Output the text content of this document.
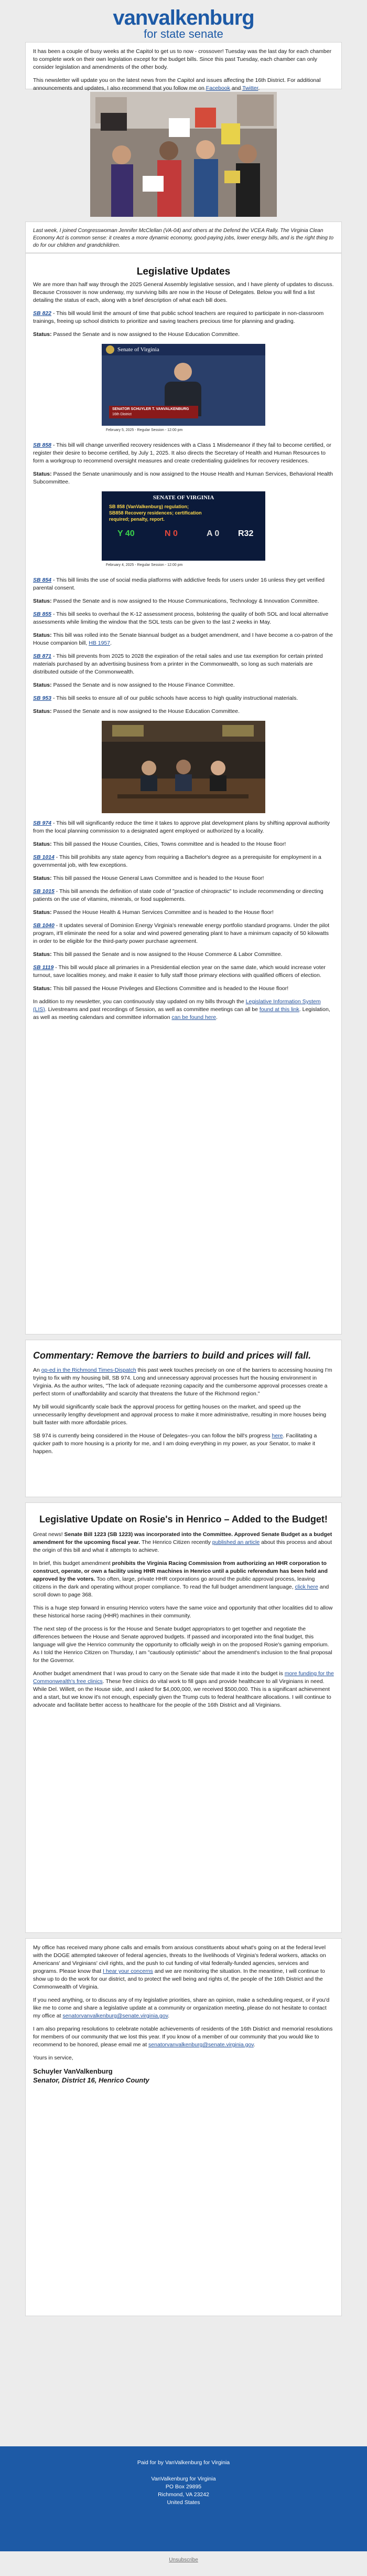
vanvalkenburg
for state senate

It has been a couple of busy weeks at the Capitol to get us to now - crossover! Tuesday was the last day for each chamber to complete work on their own legislation except for the budget bills. Since this past Tuesday, each chamber can only consider legislation and amendments of the other body.

This newsletter will update you on the latest news from the Capitol and issues affecting the 16th District. For additional announcements and updates, I also recommend that you follow me on Facebook and Twitter.

Last week, I joined Congresswoman Jennifer McClellan (VA-04) and others at the Defend the VCEA Rally. The Virginia Clean Economy Act is common sense: it creates a more dynamic economy, good-paying jobs, lower energy bills, and is the right thing to do for our children and grandchildren.
Legislative Updates

We are more than half way through the 2025 General Assembly legislative session, and I have plenty of updates to discuss. Because Crossover is now underway, my surviving bills are now in the House of Delegates. Below you will find a list detailing the status of each, along with a brief description of what each bill does.

SB 822 - This bill would limit the amount of time that public school teachers are required to participate in non-classroom trainings, freeing up school districts to prioritize and saving teachers precious time for planning and grading.

Status: Passed the Senate and is now assigned to the House Education Committee.

Senate of Virginia
SENATOR SCHUYLER T. VANVALKENBURG
16th District
February 5, 2025 - Regular Session - 12:00 pm

SB 858 - This bill will change unverified recovery residences with a Class 1 Misdemeanor if they fail to become certified, or register their desire to become certified, by July 1, 2025. It also directs the Secretary of Health and Human Resources to form a workgroup to recommend oversight measures and create credentialing guidelines for recovery residences.

Status: Passed the Senate unanimously and is now assigned to the House Health and Human Services, Behavioral Health Subcommittee.

SENATE OF VIRGINIA
SB 858 (VanValkenburg) regulation;
SB858 Recovery residences; certification
required; penalty, report.
Y 40	N 0	A 0 R32
February 4, 2025 - Regular Session - 12:00 pm

SB 854 - This bill limits the use of social media platforms with addictive feeds for users under 16 unless they get verified parental consent.

Status: Passed the Senate and is now assigned to the House Communications, Technology & Innovation Committee.

SB 855 - This bill seeks to overhaul the K-12 assessment process, bolstering the quality of both SOL and local alternative assessments while limiting the window that the SOL tests can be given to the last 2 weeks in May.

Status: This bill was rolled into the Senate biannual budget as a budget amendment, and I have become a co-patron of the House companion bill, HB 1957.

SB 871 - This bill prevents from 2025 to 2028 the expiration of the retail sales and use tax exemption for certain printed materials purchased by an advertising business from a printer in the Commonwealth, so long as such materials are distributed outside of the Commonwealth.

Status: Passed the Senate and is now assigned to the House Finance Committee.

SB 953 - This bill seeks to ensure all of our public schools have access to high quality instructional materials.

Status: Passed the Senate and is now assigned to the House Education Committee.

SB 974 - This bill will significantly reduce the time it takes to approve plat development plans by shifting approval authority from the local planning commission to a designated agent employed or authorized by a locality.

Status: This bill passed the House Counties, Cities, Towns committee and is headed to the House floor!

SB 1014 - This bill prohibits any state agency from requiring a Bachelor's degree as a prerequisite for employment in a governmental job, with few exceptions.

Status: This bill passed the House General Laws Committee and is headed to the House floor!

SB 1015 - This bill amends the definition of state code of "practice of chiropractic" to include recommending or directing patients on the use of vitamins, minerals, or food supplements.

Status: Passed the House Health & Human Services Committee and is headed to the House floor!

SB 1040 - It updates several of Dominion Energy Virginia's renewable energy portfolio standard programs. Under the pilot program, it'll eliminate the need for a solar and wind powered generating plant to have a minimum capacity of 50 kilowatts in order to be eligible for the third-party power purchase agreement.

Status: This bill passed the Senate and is now assigned to the House Commerce & Labor Committee.

SB 1119 - This bill would place all primaries in a Presidential election year on the same date, which would increase voter turnout, save localities money, and make it easier to fully staff those primary elections with qualified officers of election.

Status: This bill passed the House Privileges and Elections Committee and is headed to the House floor!

In addition to my newsletter, you can continuously stay updated on my bills through the Legislative Information System (LIS). Livestreams and past recordings of Session, as well as committee meetings can all be found at this link. Legislation, as well as meeting calendars and committee information can be found here.

Commentary: Remove the barriers to build and prices will fall.

An op-ed in the Richmond Times-Dispatch this past week touches precisely on one of the barriers to accessing housing I'm trying to fix with my housing bill, SB 974. Long and unnecessary approval processes hurt the housing environment in Virginia. As the author writes, "The lack of adequate rezoning capacity and the cumbersome approval processes create a perfect storm of unaffordability and scarcity that threatens the future of the Richmond region."

My bill would significantly scale back the approval process for getting houses on the market, and speed up the unnecessarily lengthy development and approval process to make it more administrative, resulting in more houses being built faster with more affordable prices.

SB 974 is currently being considered in the House of Delegates--you can follow the bill's progress here. Facilitating a quicker path to more housing is a priority for me, and I am doing everything in my power, as your Senator, to make it happen.

Legislative Update on Rosie's in Henrico – Added to the Budget!

Great news! Senate Bill 1223 (SB 1223) was incorporated into the Committee. Approved Senate Budget as a budget amendment for the upcoming fiscal year. The Henrico Citizen recently published an article about this process and about the origin of this bill and what it attempts to achieve.

In brief, this budget amendment prohibits the Virginia Racing Commission from authorizing an HHR corporation to construct, operate, or own a facility using HHR machines in Henrico until a public referendum has been held and approved by the voters. Too often, large, private HHR corporations go around the public approval process, leaving citizens in the dark and operating without proper compliance. To read the full budget amendment language, click here and scroll down to page 368.

This is a huge step forward in ensuring Henrico voters have the same voice and opportunity that other localities did to allow these historical horse racing (HHR) machines in their community.

The next step of the process is for the House and Senate budget appropriators to get together and negotiate the differences between the House and Senate approved budgets. If passed and incorporated into the final budget, this language will give the Henrico community the opportunity to officially weigh in on the proposed Rosie's gaming emporium. As I told the Henrico Citizen on Thursday, I am "cautiously optimistic" about the amendment's inclusion to the final proposal for the Governor.

Another budget amendment that I was proud to carry on the Senate side that made it into the budget is more funding for the Commonwealth's free clinics. These free clinics do vital work to fill gaps and provide healthcare to all Virginians in need. While Del. Willett, on the House side, and I asked for $4,000,000, we received $500,000. This is a significant achievement and a start, but we know it's not enough, especially given the Trump cuts to federal healthcare allocations. I will continue to advocate and facilitate better access to healthcare for the people of the 16th District and all Virginians.

My office has received many phone calls and emails from anxious constituents about what's going on at the federal level with the DOGE attempted takeover of federal agencies, threats to the livelihoods of Virginia's federal workers, attacks on Americans' and Virginians' civil rights, and the push to cut funding of vital federally-funded agencies, services and programs. Please know that I hear your concerns and we are monitoring the situation. In the meantime, I will continue to show up to do the work for our district, and to protect the well being and rights of, the people of the 16th District and the Commonwealth of Virginia.

If you need anything, or to discuss any of my legislative priorities, share an opinion, make a scheduling request, or if you'd like me to come and share a legislative update at a community or organization meeting, please do not hesitate to contact my office at senatorvanvalkenburg@senate.virginia.gov.

I am also preparing resolutions to celebrate notable achievements of residents of the 16th District and memorial resolutions for members of our community that we lost this year. If you know of a member of our community that you would like to recommend to be honored, please email me at senatorvanvalkenburg@senate.virginia.gov.

Yours in service,

Schuyler VanValkenburg

Senator, District 16, Henrico County

Paid for by VanValkenburg for Virginia
VanValkenburg for Virginia
PO Box 29895
Richmond, VA 23242
United States
Unsubscribe
